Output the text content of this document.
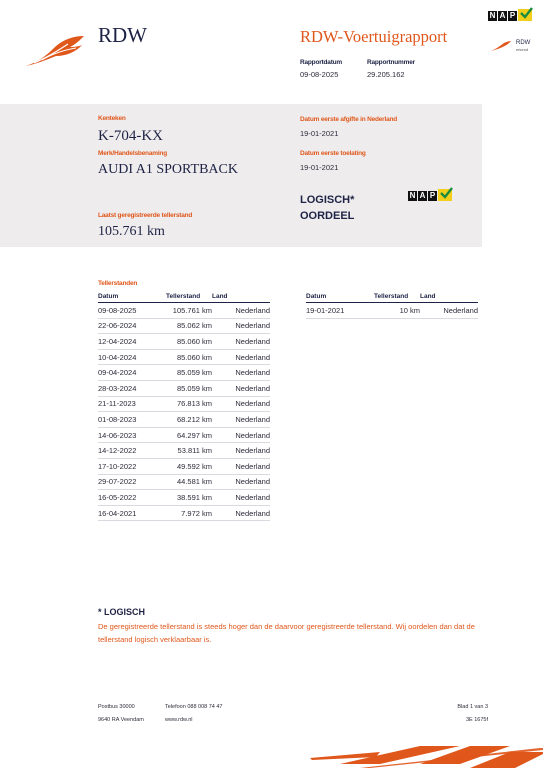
RDW	RDW-Voertuigrapport
Rapportdatum
09-08-2025
Rapportnummer
29.205.162
N A P
RDW
erkend
Kenteken
K-704-KX
Merk/Handelsbenaming
AUDI A1 SPORTBACK
Laatst geregistreerde tellerstand
105.761 km
Datum eerste afgifte in Nederland
19-01-2021
Datum eerste toelating
19-01-2021
LOGISCH*
OORDEEL
N A P
Tellerstanden
Datum	Tellerstand	Land
09-08-2025	105.761 km	Nederland
22-06-2024	85.062 km	Nederland
12-04-2024	85.060 km	Nederland
10-04-2024	85.060 km	Nederland
09-04-2024	85.059 km	Nederland
28-03-2024	85.059 km	Nederland
21-11-2023	76.813 km	Nederland
01-08-2023	68.212 km	Nederland
14-06-2023	64.297 km	Nederland
14-12-2022	53.811 km	Nederland
17-10-2022	49.592 km	Nederland
29-07-2022	44.581 km	Nederland
16-05-2022	38.591 km	Nederland
16-04-2021	7.972 km	Nederland
Datum	Tellerstand	Land
19-01-2021	10 km	Nederland
* LOGISCH
De geregistreerde tellerstand is steeds hoger dan de daarvoor geregistreerde tellerstand. Wij oordelen dan dat de tellerstand logisch verklaarbaar is.
Postbus 30000
9640 RA Veendam
Telefoon 088 008 74 47
www.rdw.nl
Blad 1 van 3
3E 1675f
